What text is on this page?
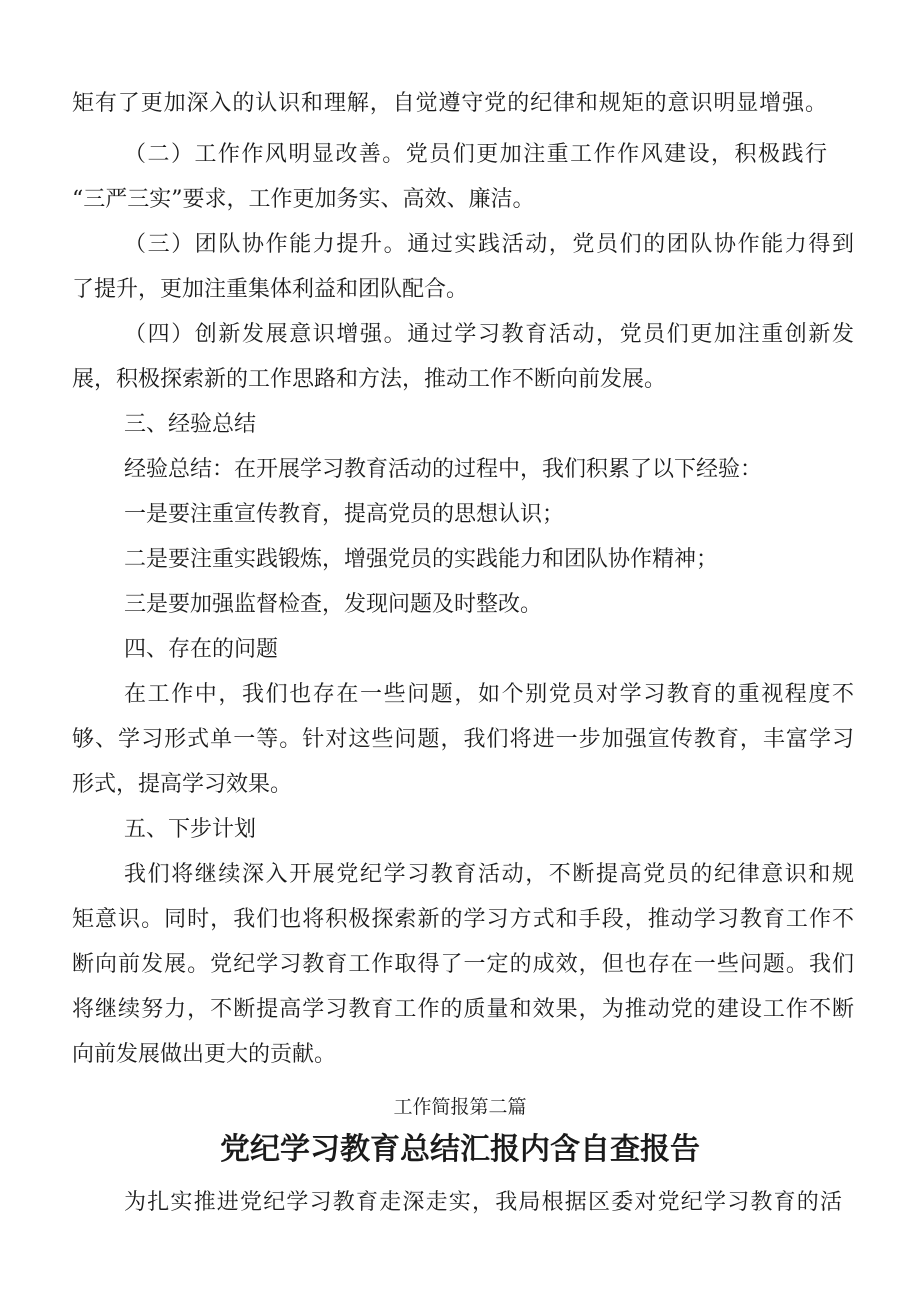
矩有了更加深入的认识和理解，自觉遵守党的纪律和规矩的意识明显增强。
（二）工作作风明显改善。党员们更加注重工作作风建设，积极践行
“三严三实”要求，工作更加务实、高效、廉洁。
（三）团队协作能力提升。通过实践活动，党员们的团队协作能力得到
了提升，更加注重集体利益和团队配合。
（四）创新发展意识增强。通过学习教育活动，党员们更加注重创新发
展，积极探索新的工作思路和方法，推动工作不断向前发展。
三、经验总结
经验总结：在开展学习教育活动的过程中，我们积累了以下经验：
一是要注重宣传教育，提高党员的思想认识；
二是要注重实践锻炼，增强党员的实践能力和团队协作精神；
三是要加强监督检查，发现问题及时整改。
四、存在的问题
在工作中，我们也存在一些问题，如个别党员对学习教育的重视程度不
够、学习形式单一等。针对这些问题，我们将进一步加强宣传教育，丰富学习
形式，提高学习效果。
五、下步计划
我们将继续深入开展党纪学习教育活动，不断提高党员的纪律意识和规
矩意识。同时，我们也将积极探索新的学习方式和手段，推动学习教育工作不
断向前发展。党纪学习教育工作取得了一定的成效，但也存在一些问题。我们
将继续努力，不断提高学习教育工作的质量和效果，为推动党的建设工作不断
向前发展做出更大的贡献。
工作简报第二篇
党纪学习教育总结汇报内含自查报告
为扎实推进党纪学习教育走深走实，我局根据区委对党纪学习教育的活
